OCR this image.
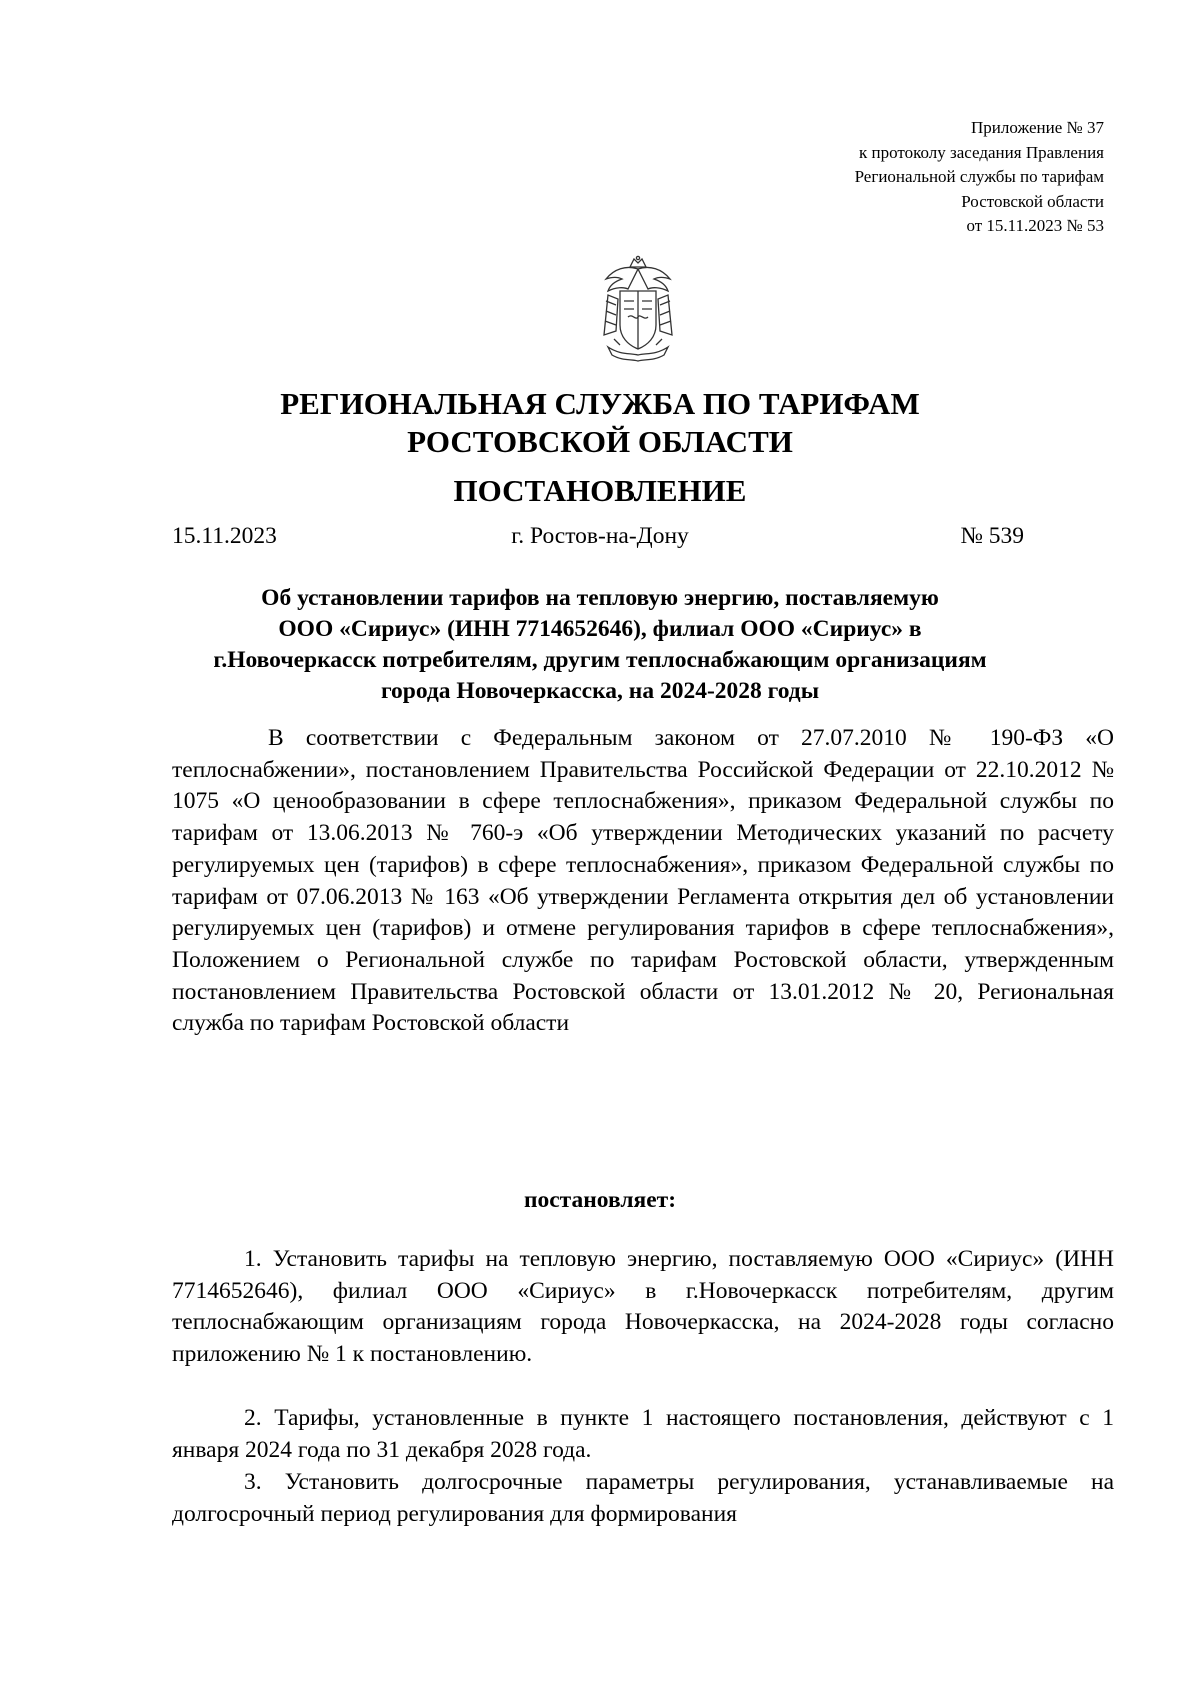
Приложение № 37
к протоколу заседания Правления
Региональной службы по тарифам
Ростовской области
от 15.11.2023 № 53
РЕГИОНАЛЬНАЯ СЛУЖБА ПО ТАРИФАМ
РОСТОВСКОЙ ОБЛАСТИ
ПОСТАНОВЛЕНИЕ
15.11.2023	г. Ростов-на-Дону	№ 539
Об установлении тарифов на тепловую энергию, поставляемую
ООО «Сириус» (ИНН 7714652646), филиал ООО «Сириус» в
г.Новочеркасск потребителям, другим теплоснабжающим организациям
города Новочеркасска, на 2024-2028 годы
В соответствии с Федеральным законом от 27.07.2010 № 190-ФЗ «О теплоснабжении», постановлением Правительства Российской Федерации от 22.10.2012 № 1075 «О ценообразовании в сфере теплоснабжения», приказом Федеральной службы по тарифам от 13.06.2013 № 760-э «Об утверждении Методических указаний по расчету регулируемых цен (тарифов) в сфере теплоснабжения», приказом Федеральной службы по тарифам от 07.06.2013 № 163 «Об утверждении Регламента открытия дел об установлении регулируемых цен (тарифов) и отмене регулирования тарифов в сфере теплоснабжения», Положением о Региональной службе по тарифам Ростовской области, утвержденным постановлением Правительства Ростовской области от 13.01.2012 № 20, Региональная служба по тарифам Ростовской области
постановляет:
1. Установить тарифы на тепловую энергию, поставляемую ООО «Сириус» (ИНН 7714652646), филиал ООО «Сириус» в г.Новочеркасск потребителям, другим теплоснабжающим организациям города Новочеркасска, на 2024-2028 годы согласно приложению № 1 к постановлению.
2. Тарифы, установленные в пункте 1 настоящего постановления, действуют с 1 января 2024 года по 31 декабря 2028 года.
3. Установить долгосрочные параметры регулирования, устанавливаемые на долгосрочный период регулирования для формирования
